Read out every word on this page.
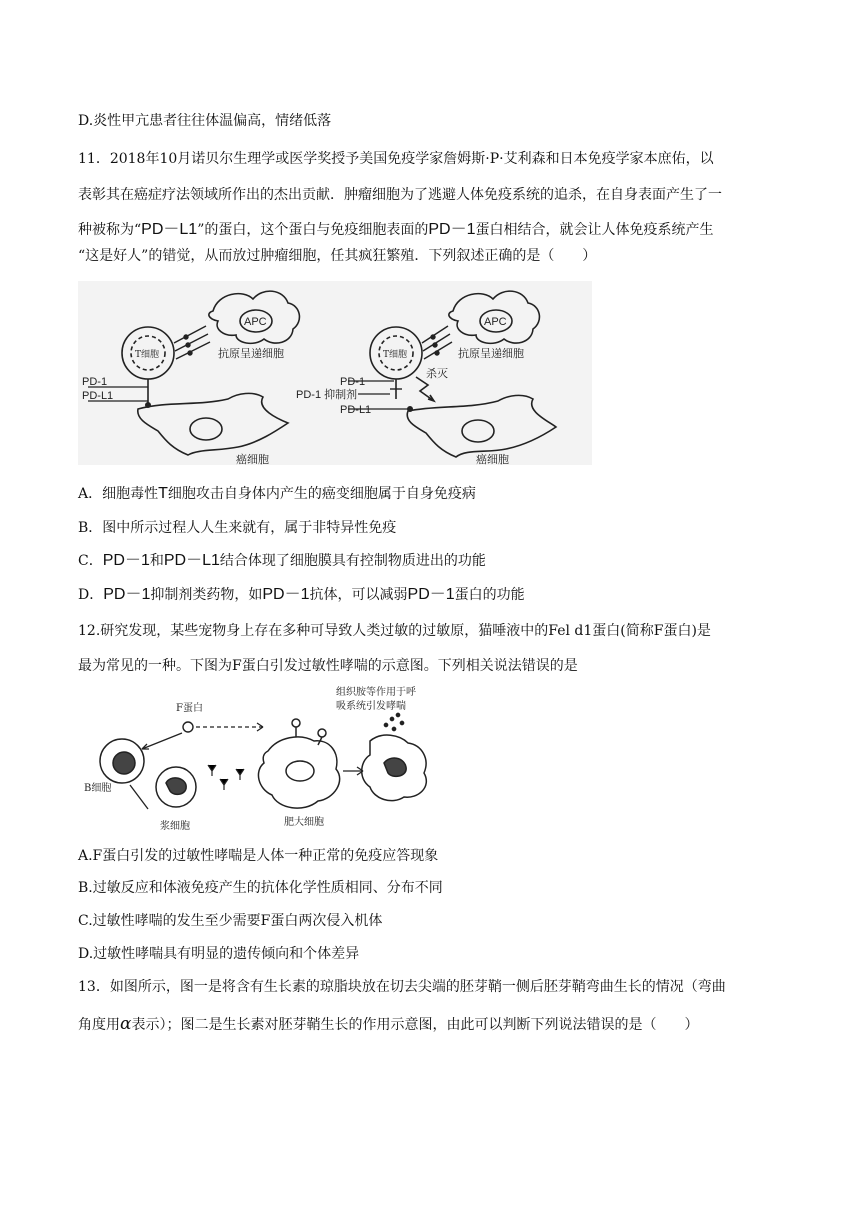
D.炎性甲亢患者往往体温偏高，情绪低落
11．2018年10月诺贝尔生理学或医学奖授予美国免疫学家詹姆斯·P·艾利森和日本免疫学家本庶佑，以
表彰其在癌症疗法领域所作出的杰出贡献．肿瘤细胞为了逃避人体免疫系统的追杀，在自身表面产生了一
种被称为“PD－L1”的蛋白，这个蛋白与免疫细胞表面的PD－1蛋白相结合，就会让人体免疫系统产生
“这是好人”的错觉，从而放过肿瘤细胞，任其疯狂繁殖．下列叙述正确的是（　　）
APC
T细胞	抗原呈递细胞
PD-1
PD-L1
癌细胞
APC
T细胞	抗原呈递细胞
杀灭
PD-1
PD-1 抑制剂
PD-L1
癌细胞
A．细胞毒性T细胞攻击自身体内产生的癌变细胞属于自身免疫病
B．图中所示过程人人生来就有，属于非特异性免疫
C．PD－1和PD－L1结合体现了细胞膜具有控制物质进出的功能
D．PD－1抑制剂类药物，如PD－1抗体，可以减弱PD－1蛋白的功能
12.研究发现，某些宠物身上存在多种可导致人类过敏的过敏原，猫唾液中的Fel d1蛋白(简称F蛋白)是
最为常见的一种。下图为F蛋白引发过敏性哮喘的示意图。下列相关说法错误的是
F蛋白
组织胺等作用于呼
吸系统引发哮喘
B细胞
浆细胞	肥大细胞
A.F蛋白引发的过敏性哮喘是人体一种正常的免疫应答现象
B.过敏反应和体液免疫产生的抗体化学性质相同、分布不同
C.过敏性哮喘的发生至少需要F蛋白两次侵入机体
D.过敏性哮喘具有明显的遗传倾向和个体差异
13．如图所示，图一是将含有生长素的琼脂块放在切去尖端的胚芽鞘一侧后胚芽鞘弯曲生长的情况（弯曲
角度用α表示）；图二是生长素对胚芽鞘生长的作用示意图，由此可以判断下列说法错误的是（　　）
